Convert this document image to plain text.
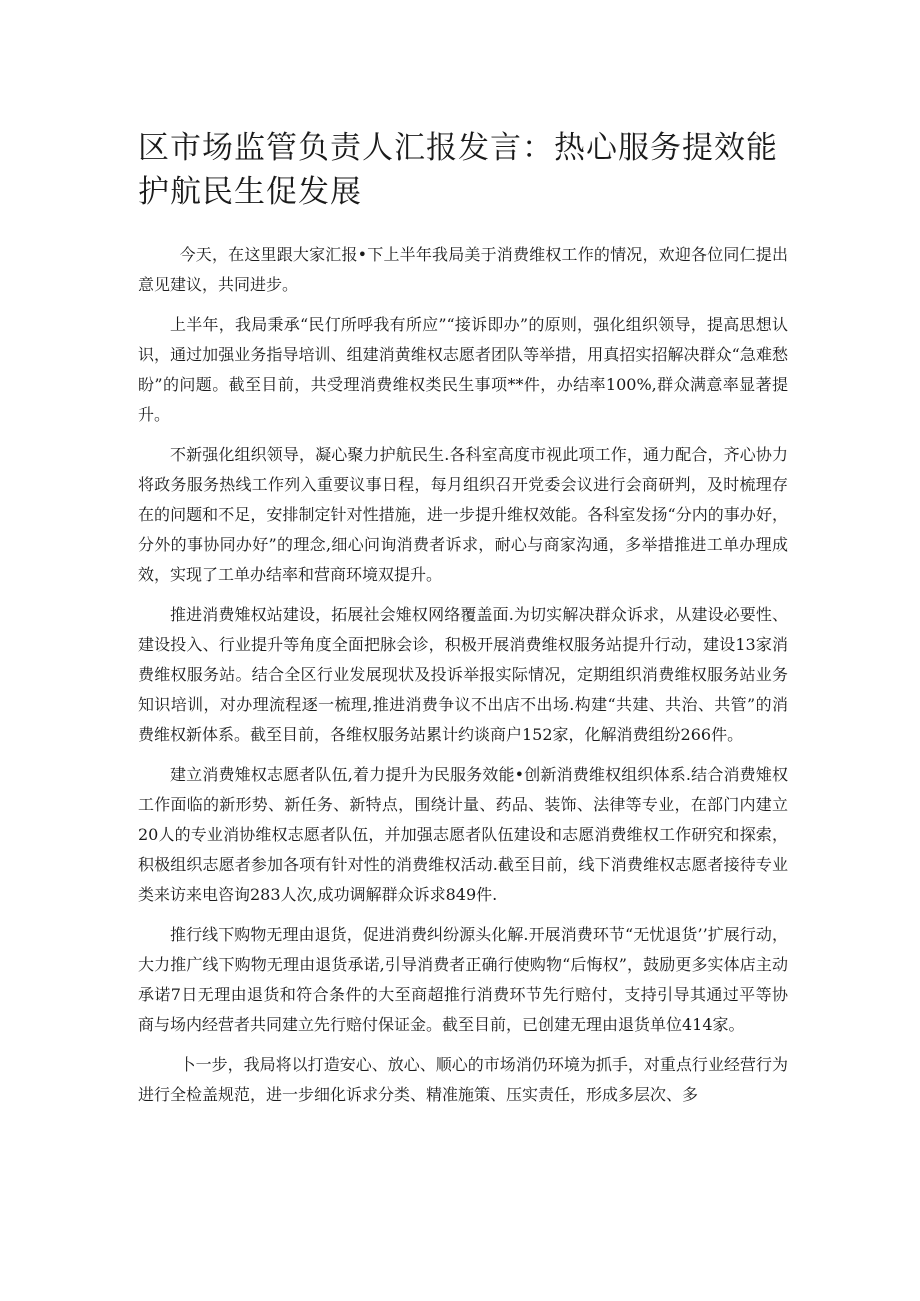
区市场监管负责人汇报发言：热心服务提效能护航民生促发展

今天，在这里跟大家汇报•下上半年我局美于消费维权工作的情况，欢迎各位同仁提出意见建议，共同进步。

上半年，我局秉承“民仃所呼我有所应”“接诉即办”的原则，强化组织领导，提高思想认识，通过加强业务指导培训、组建消黄维权志愿者团队等举措，用真招实招解决群众“急难愁盼”的问题。截至目前，共受理消费维权类民生事项**件，办结率100%,群众满意率显著提升。

不新强化组织领导，凝心聚力护航民生.各科室高度市视此项工作，通力配合，齐心协力将政务服务热线工作列入重要议事日程，每月组织召开党委会议进行会商研判，及时梳理存在的问题和不足，安排制定针对性措施，进一步提升维权效能。各科室发扬“分内的事办好，分外的事协同办好”的理念,细心问询消费者诉求，耐心与商家沟通，多举措推进工单办理成效，实现了工单办结率和营商环境双提升。

推进消费雉权站建设，拓展社会雉权网络覆盖面.为切实解决群众诉求，从建设必要性、建设投入、行业提升等角度全面把脉会诊，积极开展消费维权服务站提升行动，建设13家消费维权服务站。结合全区行业发展现状及投诉举报实际情况，定期组织消费维权服务站业务知识培训，对办理流程逐一梳理,推进消费争议不出店不出场.构建“共建、共治、共管”的消费维权新体系。截至目前，各维权服务站累计约谈商户152家，化解消费组纷266件。

建立消费雉权志愿者队伍,着力提升为民服务效能•创新消费维权组织体系.结合消费雉权工作面临的新形势、新任务、新特点，围绕计量、药品、装饰、法律等专业，在部门内建立20人的专业消协维权志愿者队伍，并加强志愿者队伍建设和志愿消费维权工作研究和探索，积极组织志愿者参加各项有针对性的消费维权活动.截至目前，线下消费维权志愿者接待专业类来访来电咨询283人次,成功调解群众诉求849件.

推行线下购物无理由退货，促进消费纠纷源头化解.开展消费环节“无忧退货’’扩展行动，大力推广线下购物无理由退货承诺,引导消费者正确行使购物“后悔权”，鼓励更多实体店主动承诺7日无理由退货和符合条件的大至商超推行消费环节先行赔付，支持引导其通过平等协商与场内经营者共同建立先行赔付保证金。截至目前，已创建无理由退货单位414家。

卜一步，我局将以打造安心、放心、顺心的市场消仍环境为抓手，对重点行业经营行为进行全检盖规范，进一步细化诉求分类、精准施策、压实责任，形成多层次、多
